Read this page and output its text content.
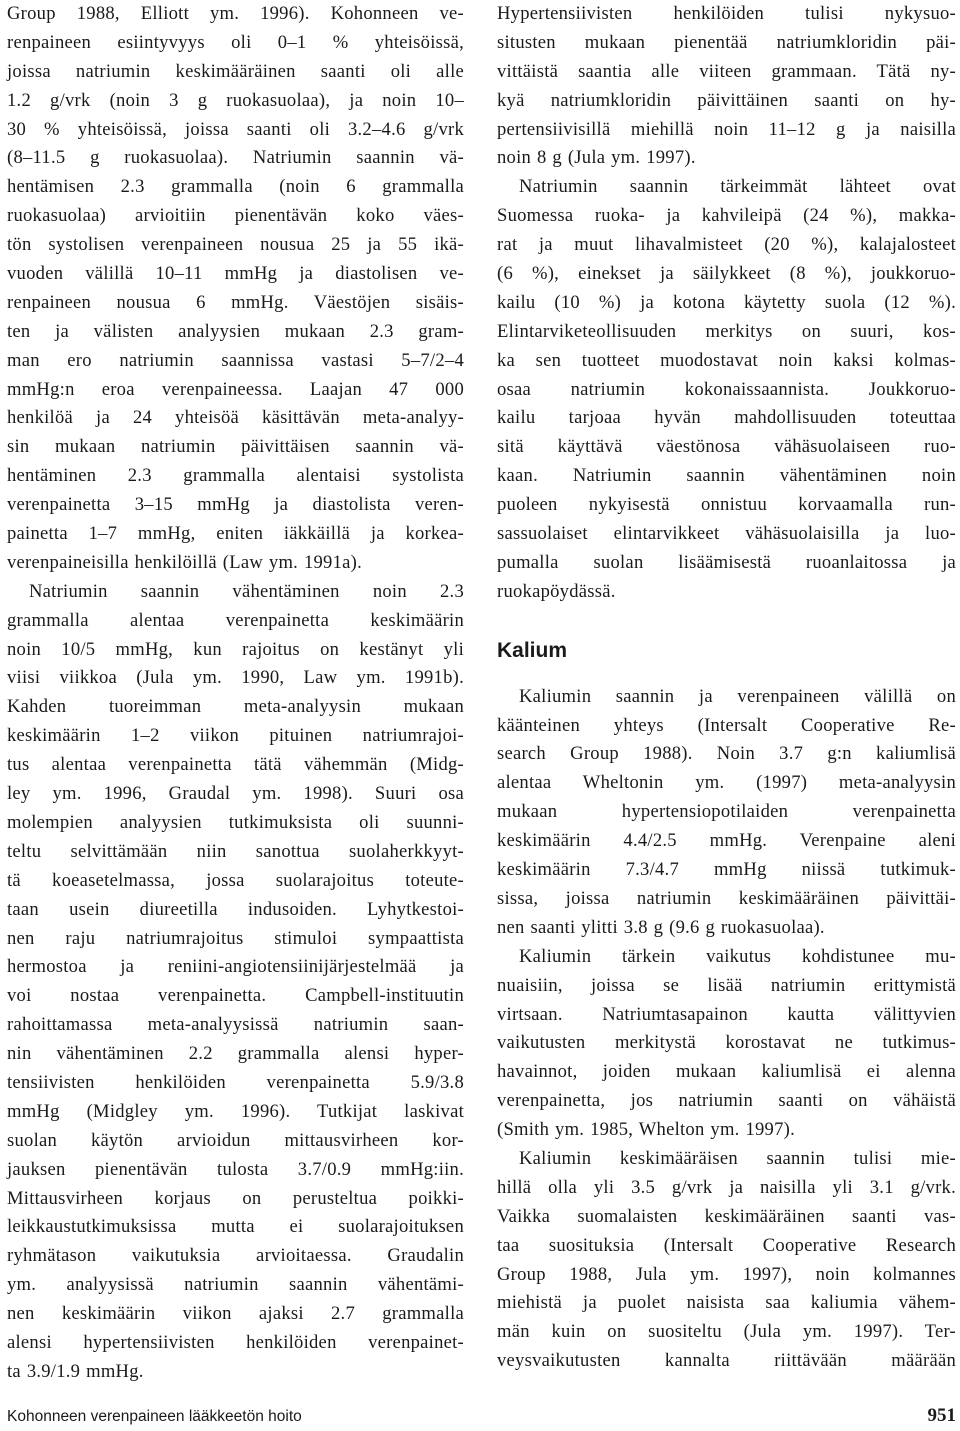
Group 1988, Elliott ym. 1996). Kohonneen ve-
renpaineen esiintyvyys oli 0–1 % yhteisöissä,
joissa natriumin keskimääräinen saanti oli alle
1.2 g/vrk (noin 3 g ruokasuolaa), ja noin 10–
30 % yhteisöissä, joissa saanti oli 3.2–4.6 g/vrk
(8–11.5 g ruokasuolaa). Natriumin saannin vä-
hentämisen 2.3 grammalla (noin 6 grammalla
ruokasuolaa) arvioitiin pienentävän koko väes-
tön systolisen verenpaineen nousua 25 ja 55 ikä-
vuoden välillä 10–11 mmHg ja diastolisen ve-
renpaineen nousua 6 mmHg. Väestöjen sisäis-
ten ja välisten analyysien mukaan 2.3 gram-
man ero natriumin saannissa vastasi 5–7/2–4
mmHg:n eroa verenpaineessa. Laajan 47 000
henkilöä ja 24 yhteisöä käsittävän meta-analyy-
sin mukaan natriumin päivittäisen saannin vä-
hentäminen 2.3 grammalla alentaisi systolista
verenpainetta 3–15 mmHg ja diastolista veren-
painetta 1–7 mmHg, eniten iäkkäillä ja korkea-
verenpaineisilla henkilöillä (Law ym. 1991a).
Natriumin saannin vähentäminen noin 2.3
grammalla alentaa verenpainetta keskimäärin
noin 10/5 mmHg, kun rajoitus on kestänyt yli
viisi viikkoa (Jula ym. 1990, Law ym. 1991b).
Kahden tuoreimman meta-analyysin mukaan
keskimäärin 1–2 viikon pituinen natriumrajoi-
tus alentaa verenpainetta tätä vähemmän (Midg-
ley ym. 1996, Graudal ym. 1998). Suuri osa
molempien analyysien tutkimuksista oli suunni-
teltu selvittämään niin sanottua suolaherkkyyt-
tä koeasetelmassa, jossa suolarajoitus toteute-
taan usein diureetilla indusoiden. Lyhytkestoi-
nen raju natriumrajoitus stimuloi sympaattista
hermostoa ja reniini-angiotensiinijärjestelmää ja
voi nostaa verenpainetta. Campbell-instituutin
rahoittamassa meta-analyysissä natriumin saan-
nin vähentäminen 2.2 grammalla alensi hyper-
tensiivisten henkilöiden verenpainetta 5.9/3.8
mmHg (Midgley ym. 1996). Tutkijat laskivat
suolan käytön arvioidun mittausvirheen kor-
jauksen pienentävän tulosta 3.7/0.9 mmHg:iin.
Mittausvirheen korjaus on perusteltua poikki-
leikkaustutkimuksissa mutta ei suolarajoituksen
ryhmätason vaikutuksia arvioitaessa. Graudalin
ym. analyysissä natriumin saannin vähentämi-
nen keskimäärin viikon ajaksi 2.7 grammalla
alensi hypertensiivisten henkilöiden verenpainet-
ta 3.9/1.9 mmHg.
Hypertensiivisten henkilöiden tulisi nykysuo-
situsten mukaan pienentää natriumkloridin päi-
vittäistä saantia alle viiteen grammaan. Tätä ny-
kyä natriumkloridin päivittäinen saanti on hy-
pertensiivisillä miehillä noin 11–12 g ja naisilla
noin 8 g (Jula ym. 1997).
Natriumin saannin tärkeimmät lähteet ovat
Suomessa ruoka- ja kahvileipä (24 %), makka-
rat ja muut lihavalmisteet (20 %), kalajalosteet
(6 %), einekset ja säilykkeet (8 %), joukkoruo-
kailu (10 %) ja kotona käytetty suola (12 %).
Elintarviketeollisuuden merkitys on suuri, kos-
ka sen tuotteet muodostavat noin kaksi kolmas-
osaa natriumin kokonaissaannista. Joukkoruo-
kailu tarjoaa hyvän mahdollisuuden toteuttaa
sitä käyttävä väestönosa vähäsuolaiseen ruo-
kaan. Natriumin saannin vähentäminen noin
puoleen nykyisestä onnistuu korvaamalla run-
sassuolaiset elintarvikkeet vähäsuolaisilla ja luo-
pumalla suolan lisäämisestä ruoanlaitossa ja
ruokapöydässä.
Kalium
Kaliumin saannin ja verenpaineen välillä on
käänteinen yhteys (Intersalt Cooperative Re-
search Group 1988). Noin 3.7 g:n kaliumlisä
alentaa Wheltonin ym. (1997) meta-analyysin
mukaan hypertensiopotilaiden verenpainetta
keskimäärin 4.4/2.5 mmHg. Verenpaine aleni
keskimäärin 7.3/4.7 mmHg niissä tutkimuk-
sissa, joissa natriumin keskimääräinen päivittäi-
nen saanti ylitti 3.8 g (9.6 g ruokasuolaa).
Kaliumin tärkein vaikutus kohdistunee mu-
nuaisiin, joissa se lisää natriumin erittymistä
virtsaan. Natriumtasapainon kautta välittyvien
vaikutusten merkitystä korostavat ne tutkimus-
havainnot, joiden mukaan kaliumlisä ei alenna
verenpainetta, jos natriumin saanti on vähäistä
(Smith ym. 1985, Whelton ym. 1997).
Kaliumin keskimääräisen saannin tulisi mie-
hillä olla yli 3.5 g/vrk ja naisilla yli 3.1 g/vrk.
Vaikka suomalaisten keskimääräinen saanti vas-
taa suosituksia (Intersalt Cooperative Research
Group 1988, Jula ym. 1997), noin kolmannes
miehistä ja puolet naisista saa kaliumia vähem-
män kuin on suositeltu (Jula ym. 1997). Ter-
veysvaikutusten kannalta riittävään määrään
Kohonneen verenpaineen lääkkeetön hoito	951
